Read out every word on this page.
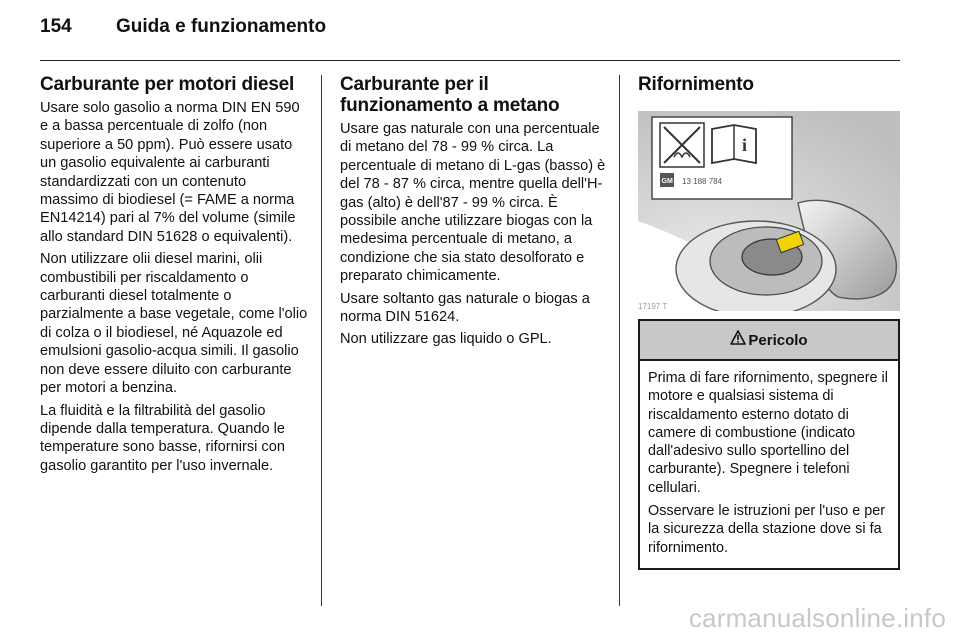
154	Guida e funzionamento
Carburante per motori diesel

Usare solo gasolio a norma DIN EN 590 e a bassa percentuale di zolfo (non superiore a 50 ppm). Può essere usato un gasolio equivalente ai carburanti standardizzati con un contenuto massimo di biodiesel (= FAME a norma EN14214) pari al 7% del volume (simile allo standard DIN 51628 o equivalenti).

Non utilizzare olii diesel marini, olii combustibili per riscaldamento o carburanti diesel totalmente o parzialmente a base vegetale, come l'olio di colza o il biodiesel, né Aquazole ed emulsioni gasolio-acqua simili. Il gasolio non deve essere diluito con carburante per motori a benzina.

La fluidità e la filtrabilità del gasolio dipende dalla temperatura. Quando le temperature sono basse, rifornirsi con gasolio garantito per l'uso invernale.

Carburante per il funzionamento a metano

Usare gas naturale con una percentuale di metano del 78 - 99 % circa. La percentuale di metano di L-gas (basso) è del 78 - 87 % circa, mentre quella dell'H-gas (alto) è dell'87 - 99 % circa. È possibile anche utilizzare biogas con la medesima percentuale di metano, a condizione che sia stato desolforato e preparato chimicamente.

Usare soltanto gas naturale o biogas a norma DIN 51624.

Non utilizzare gas liquido o GPL.

Rifornimento
i
GM 13 188 784
17197 T
Pericolo

Prima di fare rifornimento, spegnere il motore e qualsiasi sistema di riscaldamento esterno dotato di camere di combustione (indicato dall'adesivo sullo sportellino del carburante). Spegnere i telefoni cellulari.

Osservare le istruzioni per l'uso e per la sicurezza della stazione dove si fa rifornimento.

carmanualsonline.info
